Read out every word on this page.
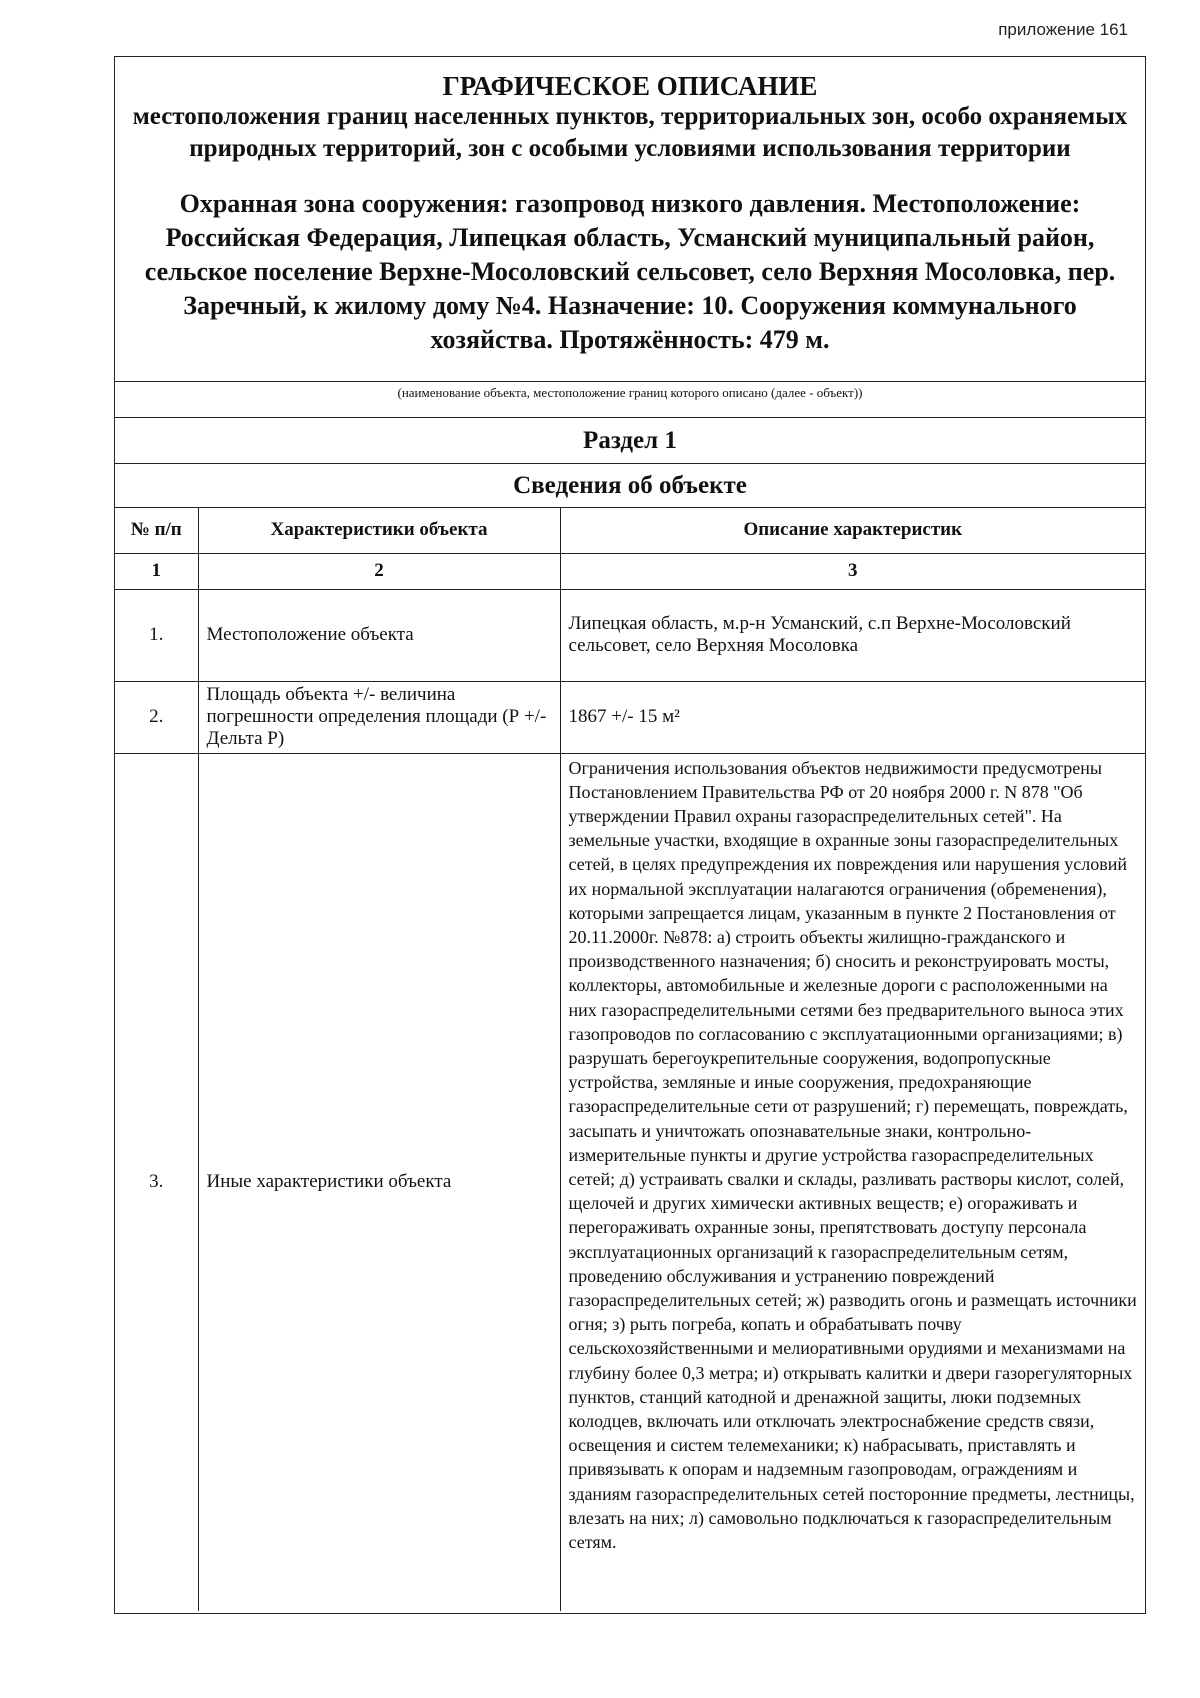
приложение 161
ГРАФИЧЕСКОЕ ОПИСАНИЕ
местоположения границ населенных пунктов, территориальных зон, особо охраняемых природных территорий, зон с особыми условиями использования территории
Охранная зона сооружения: газопровод низкого давления. Местоположение: Российская Федерация, Липецкая область, Усманский муниципальный район, сельское поселение Верхне-Мосоловский сельсовет, село Верхняя Мосоловка, пер. Заречный, к жилому дому №4. Назначение: 10. Сооружения коммунального хозяйства. Протяжённость: 479 м.
(наименование объекта, местоположение границ которого описано (далее - объект))
Раздел 1
Сведения об объекте
№ п/п	Характеристики объекта	Описание характеристик
1	2	3
1.	Местоположение объекта	Липецкая область, м.р-н Усманский, с.п Верхне-Мосоловский сельсовет, село Верхняя Мосоловка
2.	Площадь объекта +/- величина погрешности определения площади (Р +/- Дельта Р)	1867 +/- 15 м²
3.	Иные характеристики объекта	Ограничения использования объектов недвижимости предусмотрены Постановлением Правительства РФ от 20 ноября 2000 г. N 878 "Об утверждении Правил охраны газораспределительных сетей". На земельные участки, входящие в охранные зоны газораспределительных сетей, в целях предупреждения их повреждения или нарушения условий их нормальной эксплуатации налагаются ограничения (обременения), которыми запрещается лицам, указанным в пункте 2 Постановления от 20.11.2000г. №878: а) строить объекты жилищно-гражданского и производственного назначения; б) сносить и реконструировать мосты, коллекторы, автомобильные и железные дороги с расположенными на них газораспределительными сетями без предварительного выноса этих газопроводов по согласованию с эксплуатационными организациями; в) разрушать берегоукрепительные сооружения, водопропускные устройства, земляные и иные сооружения, предохраняющие газораспределительные сети от разрушений; г) перемещать, повреждать, засыпать и уничтожать опознавательные знаки, контрольно-измерительные пункты и другие устройства газораспределительных сетей; д) устраивать свалки и склады, разливать растворы кислот, солей, щелочей и других химически активных веществ; е) огораживать и перегораживать охранные зоны, препятствовать доступу персонала эксплуатационных организаций к газораспределительным сетям, проведению обслуживания и устранению повреждений газораспределительных сетей; ж) разводить огонь и размещать источники огня; з) рыть погреба, копать и обрабатывать почву сельскохозяйственными и мелиоративными орудиями и механизмами на глубину более 0,3 метра; и) открывать калитки и двери газорегуляторных пунктов, станций катодной и дренажной защиты, люки подземных колодцев, включать или отключать электроснабжение средств связи, освещения и систем телемеханики; к) набрасывать, приставлять и привязывать к опорам и надземным газопроводам, ограждениям и зданиям газораспределительных сетей посторонние предметы, лестницы, влезать на них; л) самовольно подключаться к газораспределительным сетям.
